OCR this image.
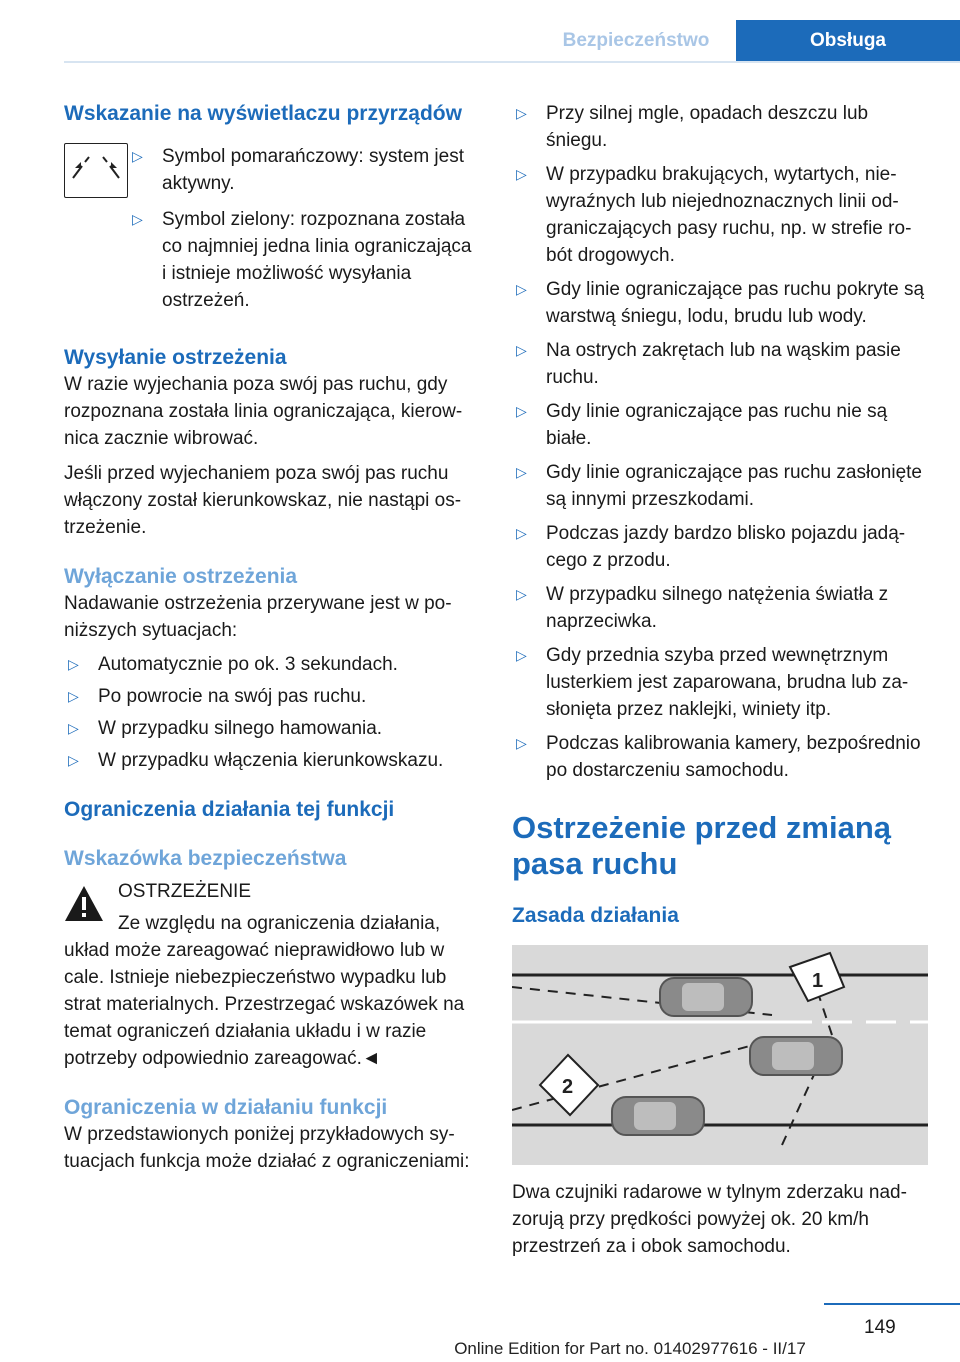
Bezpieczeństwo	Obsługa
Wskazanie na wyświetlaczu przyrządów
▷	Symbol pomarańczowy: system jest aktywny.
▷	Symbol zielony: rozpoznana została co najmniej jedna linia ograniczająca i istnieje możliwość wysyłania ostrzeżeń.
Wysyłanie ostrzeżenia

W razie wyjechania poza swój pas ruchu, gdy rozpoznana została linia ograniczająca, kierownica zacznie wibrować.

Jeśli przed wyjechaniem poza swój pas ruchu włączony został kierunkowskaz, nie nastąpi ostrzeżenie.

Wyłączanie ostrzeżenia

Nadawanie ostrzeżenia przerywane jest w poniższych sytuacjach:

▷	Automatycznie po ok. 3 sekundach.
▷	Po powrocie na swój pas ruchu.
▷	W przypadku silnego hamowania.
▷	W przypadku włączenia kierunkowskazu.
Ograniczenia działania tej funkcji
Wskazówka bezpieczeństwa

OSTRZEŻENIE

Ze względu na ograniczenia działania, układ może zareagować nieprawidłowo lub w cale. Istnieje niebezpieczeństwo wypadku lub strat materialnych. Przestrzegać wskazówek na temat ograniczeń działania układu i w razie potrzeby odpowiednio zareagować.◄

Ograniczenia w działaniu funkcji

W przedstawionych poniżej przykładowych sytuacjach funkcja może działać z ograniczeniami:

▷	Przy silnej mgle, opadach deszczu lub śniegu.
▷	W przypadku brakujących, wytartych, niewyraźnych lub niejednoznacznych linii odgraniczających pasy ruchu, np. w strefie robót drogowych.
▷	Gdy linie ograniczające pas ruchu pokryte są warstwą śniegu, lodu, brudu lub wody.
▷	Na ostrych zakrętach lub na wąskim pasie ruchu.
▷	Gdy linie ograniczające pas ruchu nie są białe.
▷	Gdy linie ograniczające pas ruchu zasłonięte są innymi przeszkodami.
▷	Podczas jazdy bardzo blisko pojazdu jadącego z przodu.
▷	W przypadku silnego natężenia światła z naprzeciwka.
▷	Gdy przednia szyba przed wewnętrznym lusterkiem jest zaparowana, brudna lub zasłonięta przez naklejki, winiety itp.
▷	Podczas kalibrowania kamery, bezpośrednio po dostarczeniu samochodu.
Ostrzeżenie przed zmianą pasa ruchu
Zasada działania
1
2

Dwa czujniki radarowe w tylnym zderzaku nadzorują przy prędkości powyżej ok. 20 km/h przestrzeń za i obok samochodu.

149
Online Edition for Part no. 01402977616 - II/17
